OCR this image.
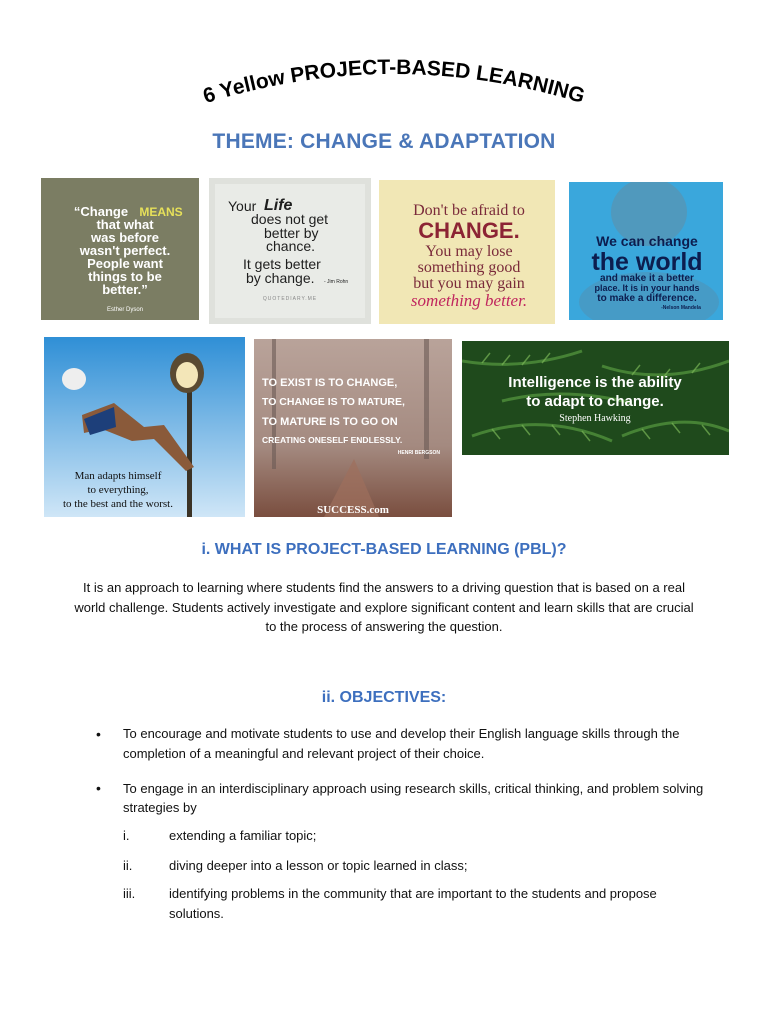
6 Yellow PROJECT-BASED LEARNING
THEME: CHANGE & ADAPTATION
“Change MEANS
that what
was before
wasn't perfect.
People want
things to be
better.”
Esther Dyson
Your Life
does not get
better by
chance.
It gets better
by change. - Jim Rohn
QUOTEDIARY.ME
Don't be afraid to
CHANGE.
You may lose
something good
but you may gain
something better.
We can change
the world
and make it a better
place. It is in your hands
to make a difference.
-Nelson Mandela
Man adapts himself
to everything,
to the best and the worst.
TO EXIST IS TO CHANGE,
TO CHANGE IS TO MATURE,
TO MATURE IS TO GO ON
CREATING ONESELF ENDLESSLY.
HENRI BERGSON
SUCCESS.com
Intelligence is the ability
to adapt to change.
Stephen Hawking
i. WHAT IS PROJECT-BASED LEARNING (PBL)?
It is an approach to learning where students find the answers to a driving question that is based on a real world challenge. Students actively investigate and explore significant content and learn skills that are crucial to the process of answering the question.
ii. OBJECTIVES:
• To encourage and motivate students to use and develop their English language skills through the completion of a meaningful and relevant project of their choice.
• To engage in an interdisciplinary approach using research skills, critical thinking, and problem solving strategies by
i.	extending a familiar topic;
ii.	diving deeper into a lesson or topic learned in class;
iii.	identifying problems in the community that are important to the students and propose solutions.
